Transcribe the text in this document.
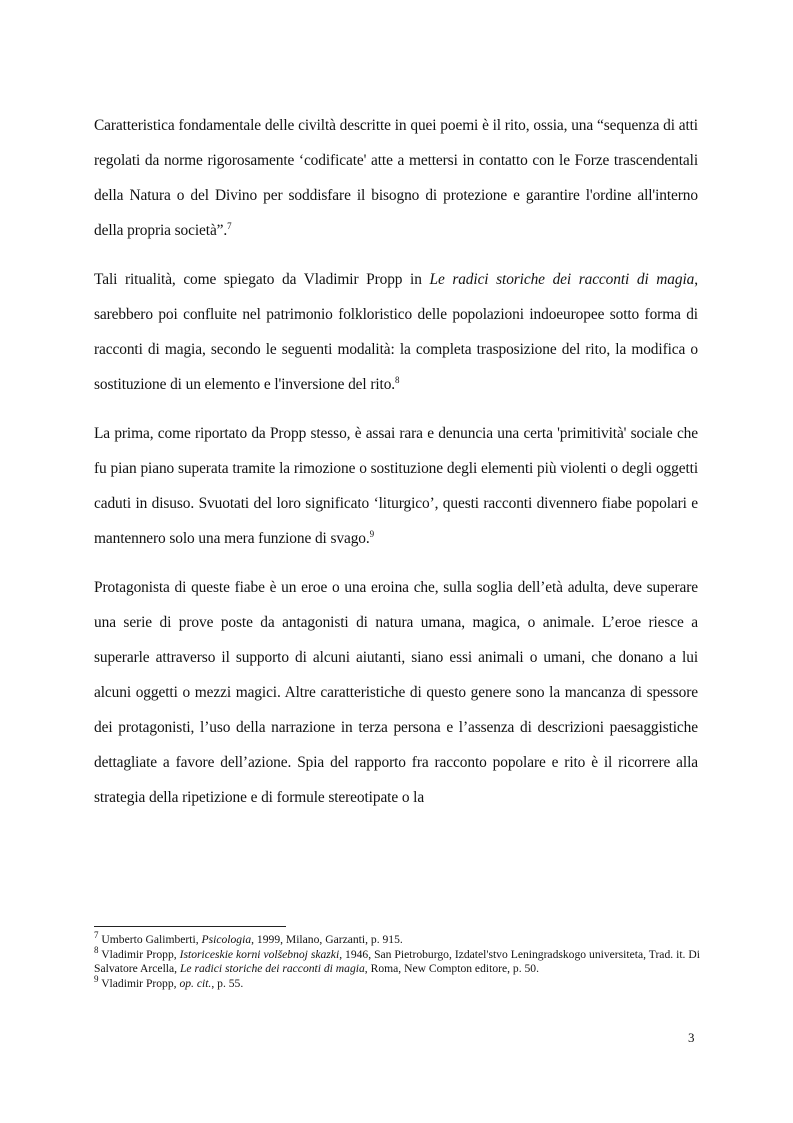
Caratteristica fondamentale delle civiltà descritte in quei poemi è il rito, ossia, una “sequenza di atti regolati da norme rigorosamente ‘codificate' atte a mettersi in contatto con le Forze trascendentali della Natura o del Divino per soddisfare il bisogno di protezione e garantire l'ordine all'interno della propria società”.$^7$

Tali ritualità, come spiegato da Vladimir Propp in Le radici storiche dei racconti di magia, sarebbero poi confluite nel patrimonio folkloristico delle popolazioni indoeuropee sotto forma di racconti di magia, secondo le seguenti modalità: la completa trasposizione del rito, la modifica o sostituzione di un elemento e l'inversione del rito.$^8$

La prima, come riportato da Propp stesso, è assai rara e denuncia una certa 'primitività' sociale che fu pian piano superata tramite la rimozione o sostituzione degli elementi più violenti o degli oggetti caduti in disuso. Svuotati del loro significato ‘liturgico’, questi racconti divennero fiabe popolari e mantennero solo una mera funzione di svago.$^9$

Protagonista di queste fiabe è un eroe o una eroina che, sulla soglia dell’età adulta, deve superare una serie di prove poste da antagonisti di natura umana, magica, o animale. L’eroe riesce a superarle attraverso il supporto di alcuni aiutanti, siano essi animali o umani, che donano a lui alcuni oggetti o mezzi magici. Altre caratteristiche di questo genere sono la mancanza di spessore dei protagonisti, l’uso della narrazione in terza persona e l’assenza di descrizioni paesaggistiche dettagliate a favore dell’azione. Spia del rapporto fra racconto popolare e rito è il ricorrere alla strategia della ripetizione e di formule stereotipate o la

$^7$ Umberto Galimberti, Psicologia, 1999, Milano, Garzanti, p. 915.

$^8$ Vladimir Propp, Istoriceskie korni volšebnoj skazki, 1946, San Pietroburgo, Izdatel'stvo Leningradskogo universiteta, Trad. it. Di Salvatore Arcella, Le radici storiche dei racconti di magia, Roma, New Compton editore, p. 50.

$^9$ Vladimir Propp, op. cit., p. 55.

3
